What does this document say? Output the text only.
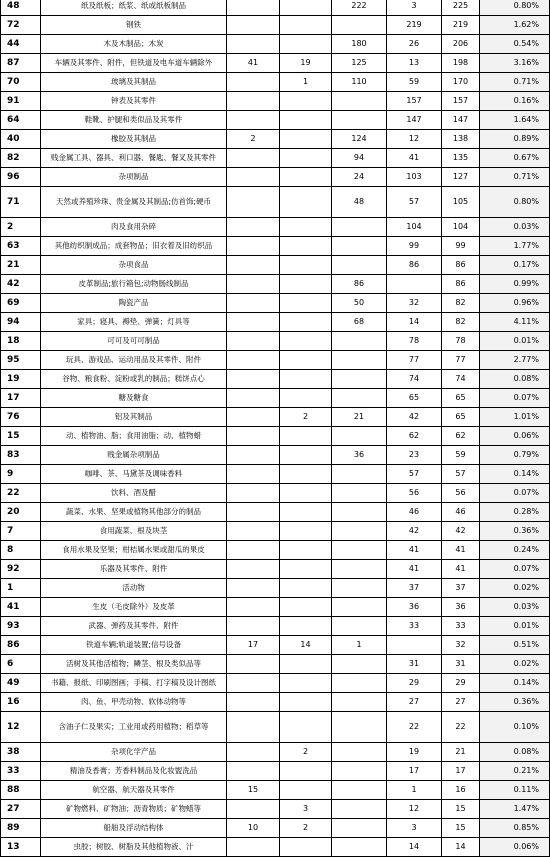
48	纸及纸板；纸浆、纸或纸板制品			222	3	225	0.80%
72	钢铁				219	219	1.62%
44	木及木制品；木炭			180	26	206	0.54%
87	车辆及其零件、附件，但铁道及电车道车辆除外	41	19	125	13	198	3.16%
70	玻璃及其制品		1	110	59	170	0.71%
91	钟表及其零件				157	157	0.16%
64	鞋靴、护腿和类似品及其零件				147	147	1.64%
40	橡胶及其制品	2		124	12	138	0.89%
82	贱金属工具、器具、利口器、餐匙、餐叉及其零件			94	41	135	0.67%
96	杂项制品			24	103	127	0.71%
71	天然或养殖珍珠、贵金属及其制品;仿首饰;硬币			48	57	105	0.80%
2	肉及食用杂碎				104	104	0.03%
63	其他纺织制成品；成套物品；旧衣着及旧纺织品				99	99	1.77%
21	杂项食品				86	86	0.17%
42	皮革制品;旅行箱包;动物肠线制品			86		86	0.99%
69	陶瓷产品			50	32	82	0.96%
94	家具；寝具、褥垫、弹簧；灯具等			68	14	82	4.11%
18	可可及可可制品				78	78	0.01%
95	玩具、游戏品、运动用品及其零件、附件				77	77	2.77%
19	谷物、粮食粉、淀粉或乳的制品；糕饼点心				74	74	0.08%
17	糖及糖食				65	65	0.07%
76	铝及其制品		2	21	42	65	1.01%
15	动、植物油、脂；食用油脂；动、植物蜡				62	62	0.06%
83	贱金属杂项制品			36	23	59	0.79%
9	咖啡、茶、马黛茶及调味香料				57	57	0.14%
22	饮料、酒及醋				56	56	0.07%
20	蔬菜、水果、坚果或植物其他部分的制品				46	46	0.28%
7	食用蔬菜、根及块茎				42	42	0.36%
8	食用水果及坚果；柑桔属水果或甜瓜的果皮				41	41	0.24%
92	乐器及其零件、附件				41	41	0.07%
1	活动物				37	37	0.02%
41	生皮（毛皮除外）及皮革				36	36	0.03%
93	武器、弹药及其零件、附件				33	33	0.01%
86	铁道车辆;轨道装置;信号设备	17	14	1		32	0.51%
6	活树及其他活植物；鳞茎、根及类似品等				31	31	0.02%
49	书籍、报纸、印刷图画；手稿、打字稿及设计图纸				29	29	0.14%
16	肉、鱼、甲壳动物、软体动物等				27	27	0.36%
12	含油子仁及果实；工业用或药用植物；稻草等				22	22	0.10%
38	杂项化学产品		2		19	21	0.08%
33	精油及香膏；芳香料制品及化妆盥洗品				17	17	0.21%
88	航空器、航天器及其零件	15			1	16	0.11%
27	矿物燃料、矿物油；沥青物质；矿物蜡等		3		12	15	1.47%
89	船舶及浮动结构体	10	2		3	15	0.85%
13	虫胶；树胶、树脂及其他植物液、汁				14	14	0.06%
